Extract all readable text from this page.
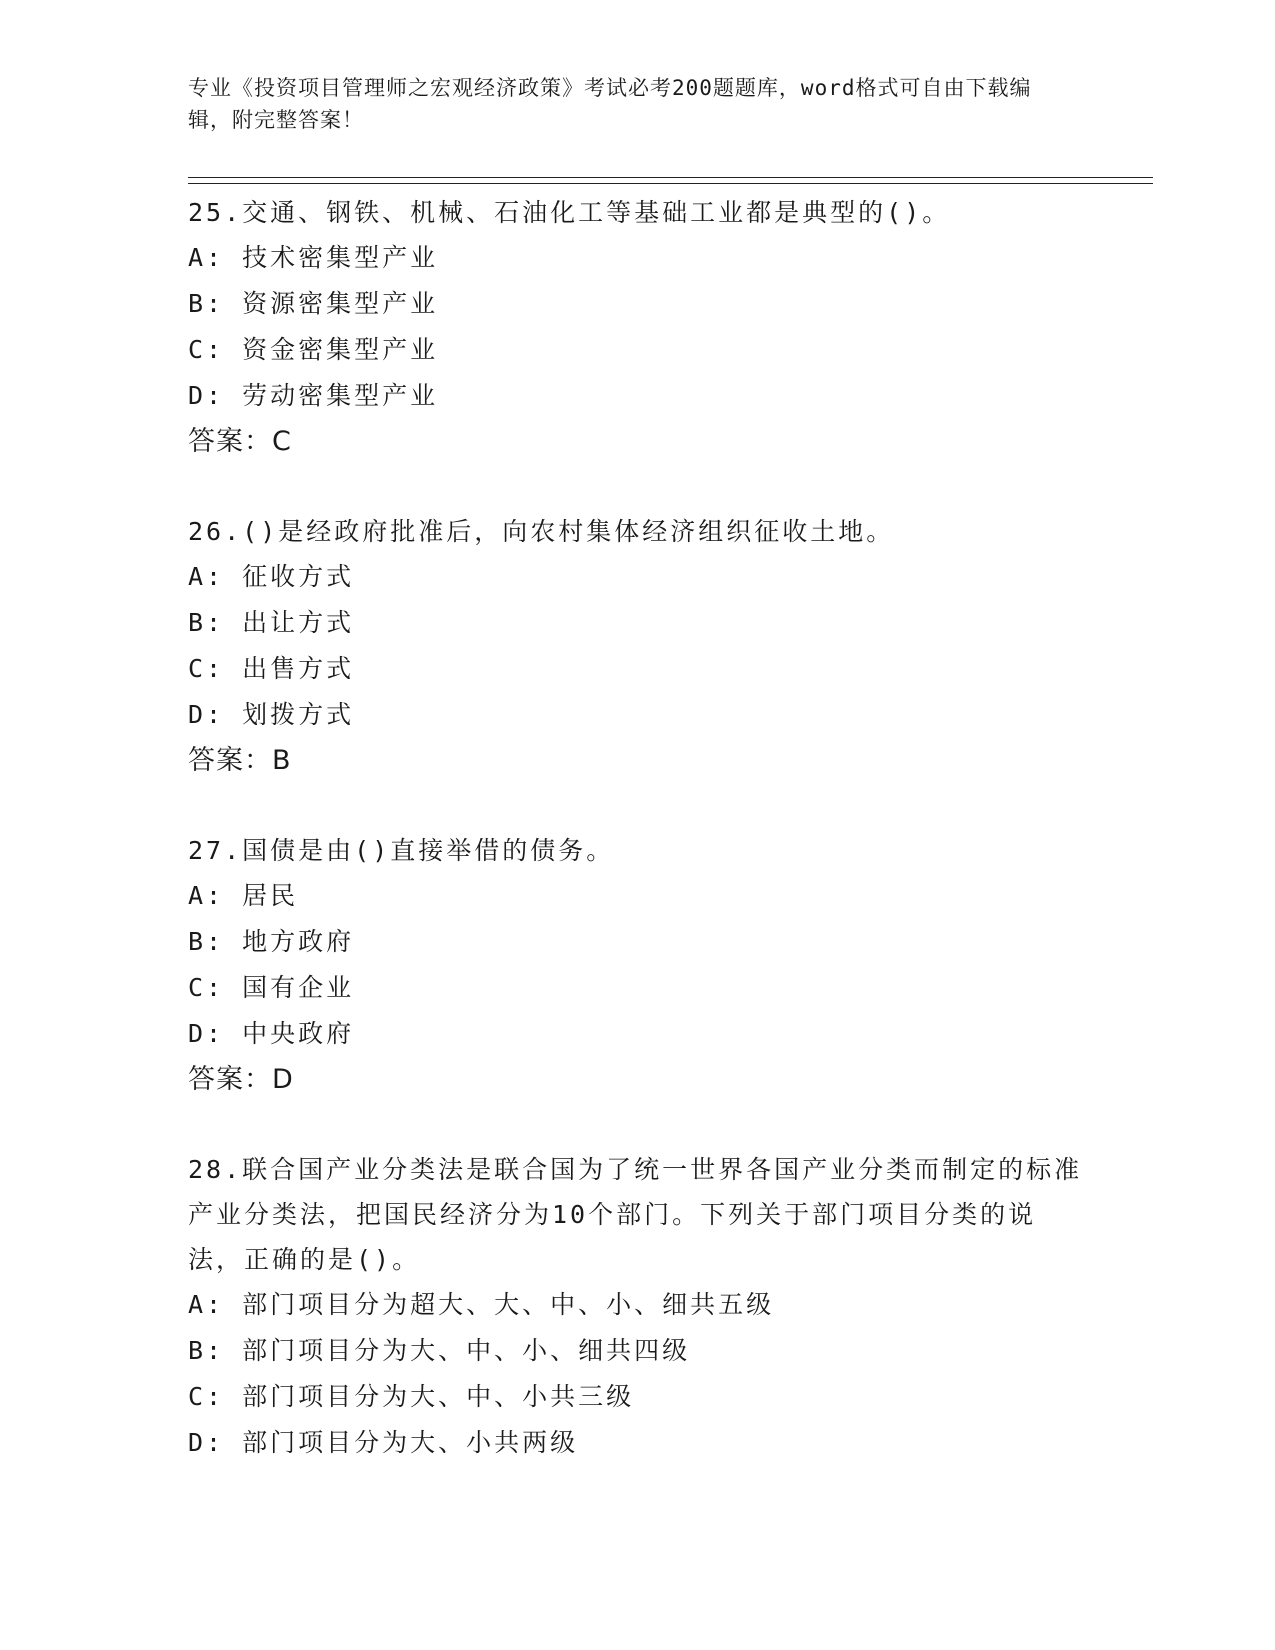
专业《投资项目管理师之宏观经济政策》考试必考200题题库，word格式可自由下载编辑，附完整答案！
25.交通、钢铁、机械、石油化工等基础工业都是典型的()。
A: 技术密集型产业
B: 资源密集型产业
C: 资金密集型产业
D: 劳动密集型产业
答案：C
26.()是经政府批准后，向农村集体经济组织征收土地。
A: 征收方式
B: 出让方式
C: 出售方式
D: 划拨方式
答案：B
27.国债是由()直接举借的债务。
A: 居民
B: 地方政府
C: 国有企业
D: 中央政府
答案：D
28.联合国产业分类法是联合国为了统一世界各国产业分类而制定的标准产业分类法，把国民经济分为10个部门。下列关于部门项目分类的说法，正确的是()。
A: 部门项目分为超大、大、中、小、细共五级
B: 部门项目分为大、中、小、细共四级
C: 部门项目分为大、中、小共三级
D: 部门项目分为大、小共两级
